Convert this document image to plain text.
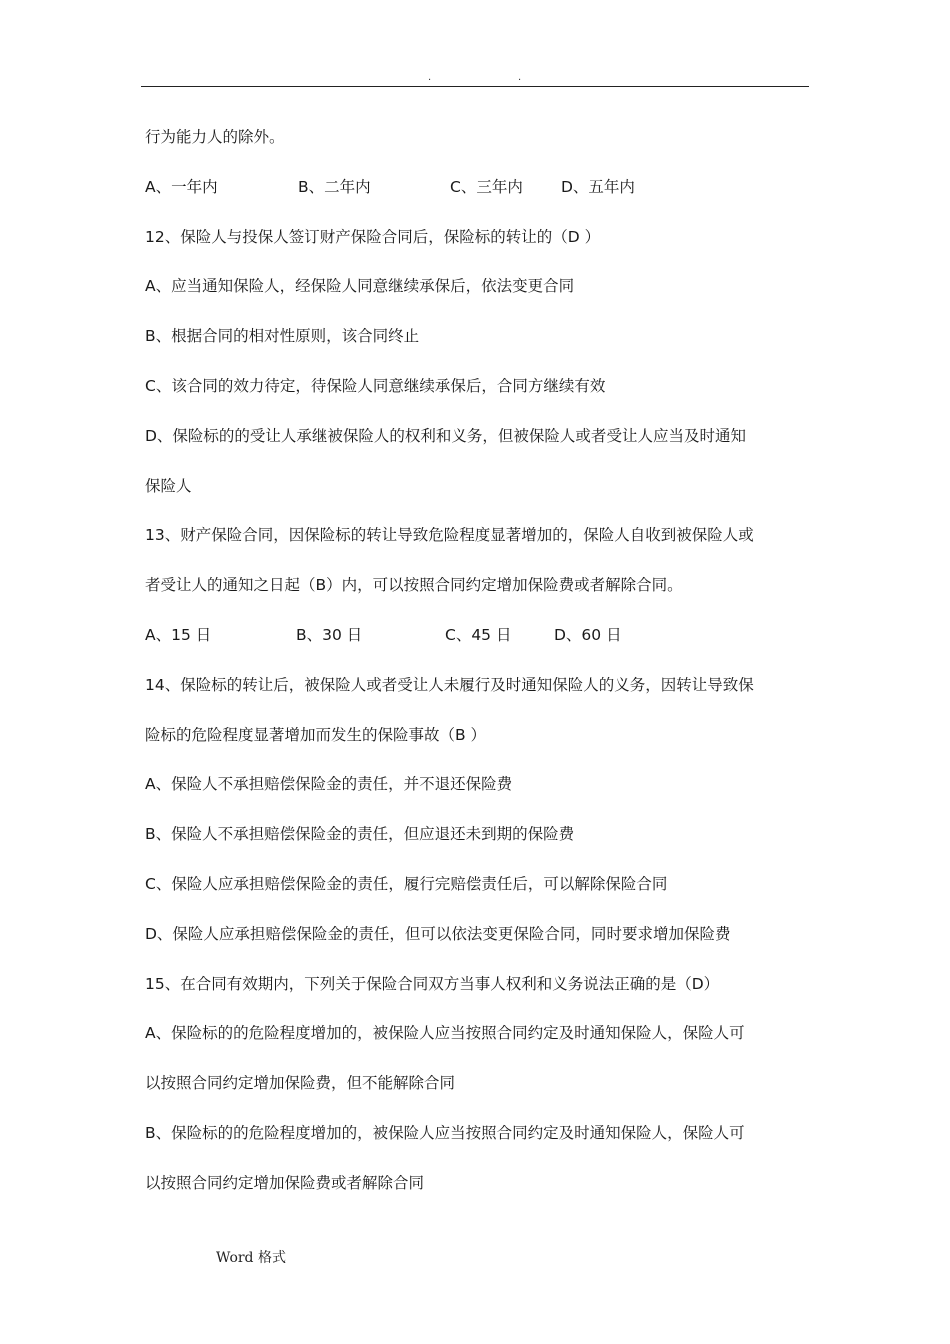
.	.
行为能力人的除外。
A、一年内	B、二年内	C、三年内 D、五年内
12、保险人与投保人签订财产保险合同后，保险标的转让的（D ）
A、应当通知保险人，经保险人同意继续承保后，依法变更合同
B、根据合同的相对性原则，该合同终止
C、该合同的效力待定，待保险人同意继续承保后，合同方继续有效
D、保险标的的受让人承继被保险人的权利和义务，但被保险人或者受让人应当及时通知
保险人
13、财产保险合同，因保险标的转让导致危险程度显著增加的，保险人自收到被保险人或
者受让人的通知之日起（B）内，可以按照合同约定增加保险费或者解除合同。
A、15 日	B、30 日	C、45 日	D、60 日
14、保险标的转让后，被保险人或者受让人未履行及时通知保险人的义务，因转让导致保
险标的危险程度显著增加而发生的保险事故（B ）
A、保险人不承担赔偿保险金的责任，并不退还保险费
B、保险人不承担赔偿保险金的责任，但应退还未到期的保险费
C、保险人应承担赔偿保险金的责任，履行完赔偿责任后，可以解除保险合同
D、保险人应承担赔偿保险金的责任，但可以依法变更保险合同，同时要求增加保险费
15、在合同有效期内，下列关于保险合同双方当事人权利和义务说法正确的是（D）
A、保险标的的危险程度增加的，被保险人应当按照合同约定及时通知保险人，保险人可
以按照合同约定增加保险费，但不能解除合同
B、保险标的的危险程度增加的，被保险人应当按照合同约定及时通知保险人，保险人可
以按照合同约定增加保险费或者解除合同
Word 格式
